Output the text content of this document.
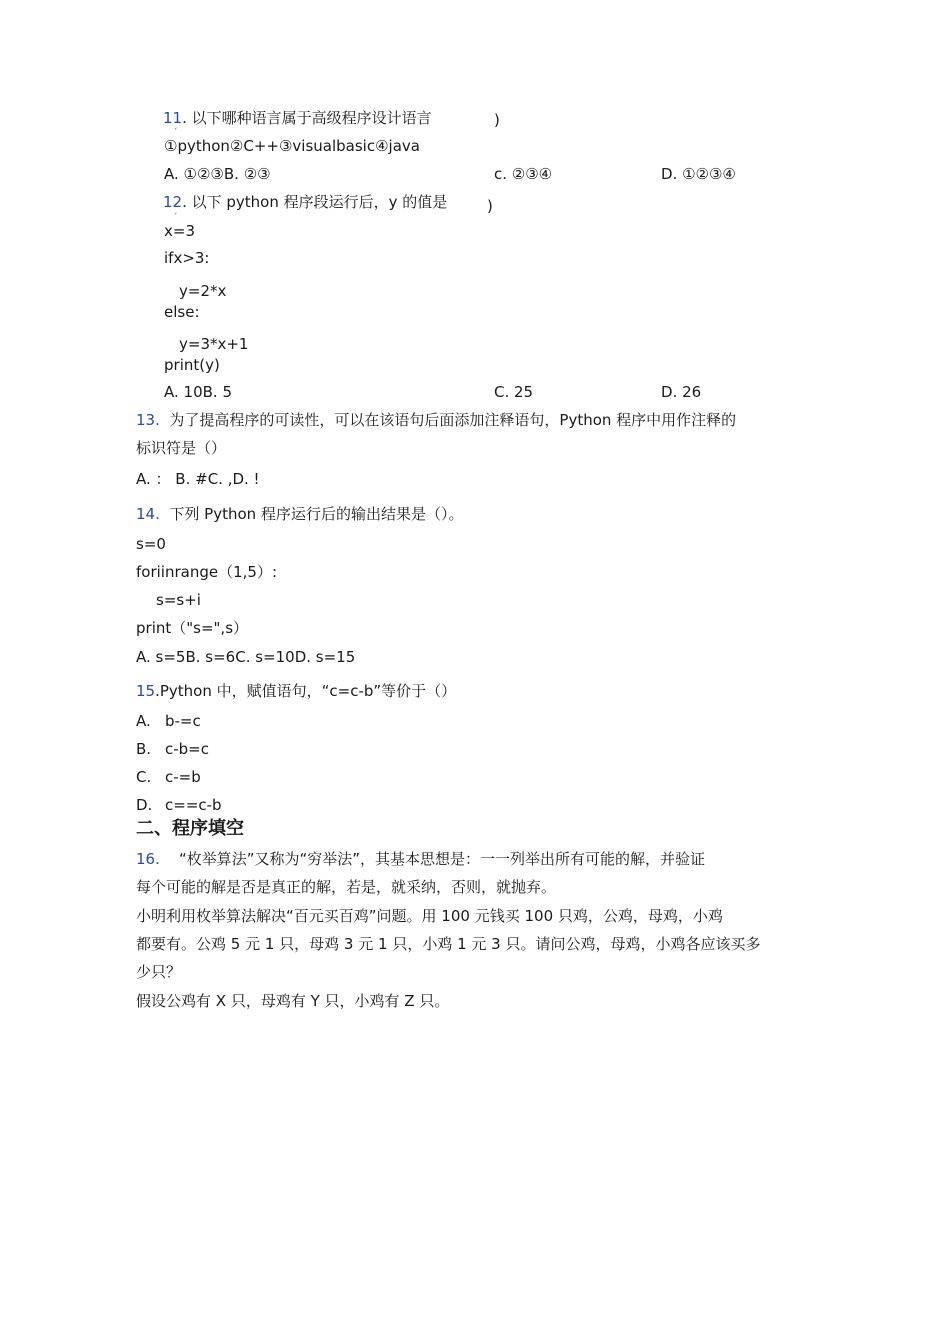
11. 以下哪种语言属于高级程序设计语言	)
ˊ
①python②C++③visualbasic④java
A. ①②③B. ②③	c. ②③④	D. ①②③④
12. 以下 python 程序段运行后，y 的值是	)
ˊ
x=3
ifx>3:
y=2*x
else:
y=3*x+1
print(y)
A. 10B. 5	C. 25	D. 26
13. 为了提高程序的可读性，可以在该语句后面添加注释语句，Python 程序中用作注释的
标识符是（）
A. ： B. #C. ,D. !
14. 下列 Python 程序运行后的输出结果是（）。
s=0
foriinrange（1,5）:
s=s+i
print（"s=",s）
A. s=5B. s=6C. s=10D. s=15
15.Python 中，赋值语句，“c=c-b”等价于（）
A. b-=c
B. c-b=c
C. c-=b
D. c==c-b
二、程序填空
16. “枚举算法”又称为“穷举法”，其基本思想是：一一列举出所有可能的解，并验证
每个可能的解是否是真正的解，若是，就采纳，否则，就抛弃。
小明利用枚举算法解决“百元买百鸡”问题。用 100 元钱买 100 只鸡，公鸡，母鸡，小鸡
都要有。公鸡 5 元 1 只，母鸡 3 元 1 只，小鸡 1 元 3 只。请问公鸡，母鸡，小鸡各应该买多
少只？
假设公鸡有 X 只，母鸡有 Y 只，小鸡有 Z 只。
